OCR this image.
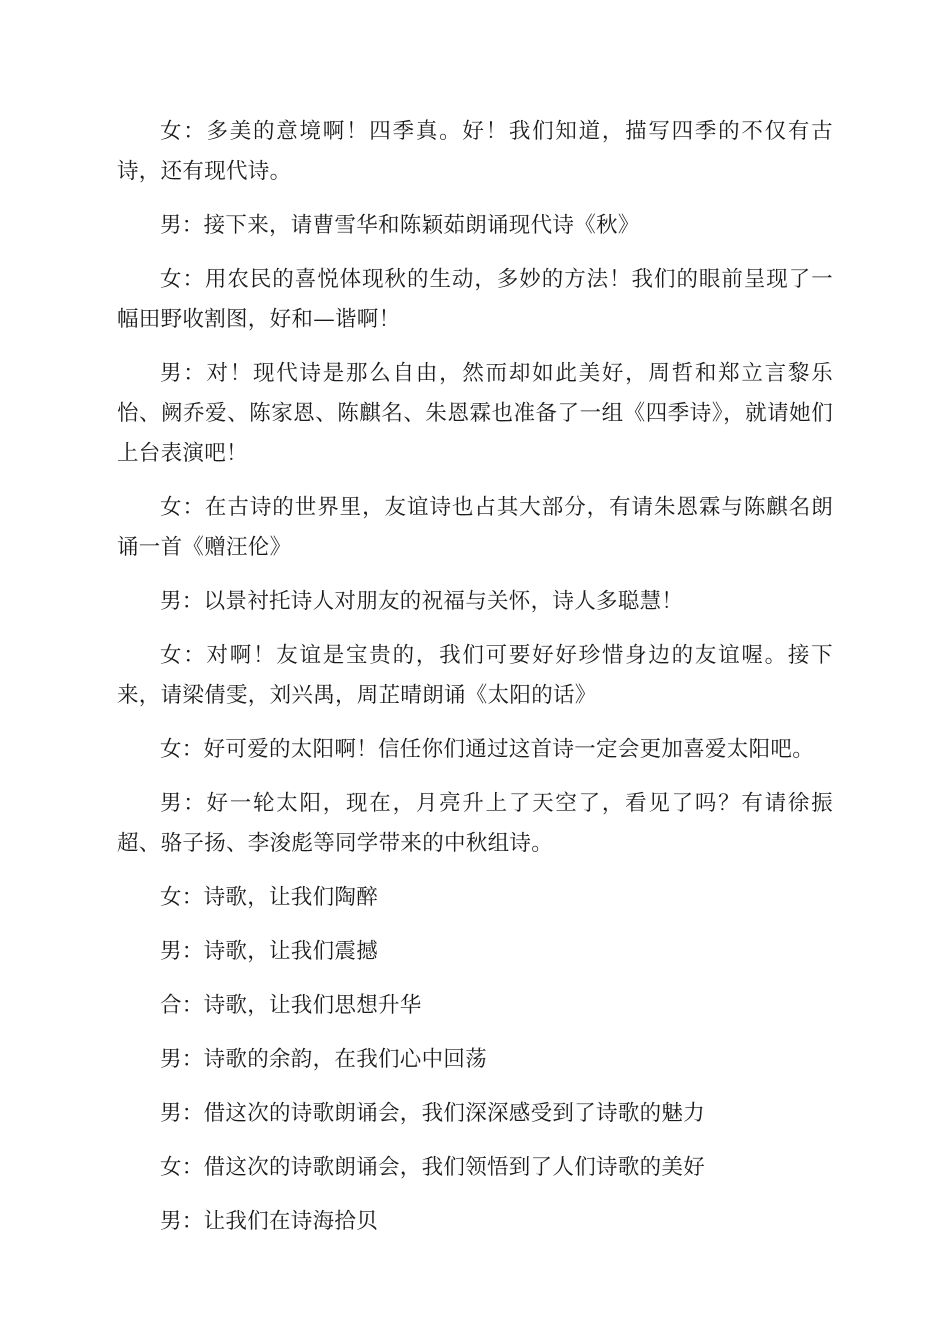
女：多美的意境啊！四季真。好！我们知道，描写四季的不仅有古诗，还有现代诗。

男：接下来，请曹雪华和陈颖茹朗诵现代诗《秋》

女：用农民的喜悦体现秋的生动，多妙的方法！我们的眼前呈现了一幅田野收割图，好和—谐啊！

男：对！现代诗是那么自由，然而却如此美好，周哲和郑立言黎乐怡、阙乔爱、陈家恩、陈麒名、朱恩霖也准备了一组《四季诗》，就请她们上台表演吧！

女：在古诗的世界里，友谊诗也占其大部分，有请朱恩霖与陈麒名朗诵一首《赠汪伦》

男：以景衬托诗人对朋友的祝福与关怀，诗人多聪慧！

女：对啊！友谊是宝贵的，我们可要好好珍惜身边的友谊喔。接下来，请梁倩雯，刘兴禺，周芷晴朗诵《太阳的话》

女：好可爱的太阳啊！信任你们通过这首诗一定会更加喜爱太阳吧。

男：好一轮太阳，现在，月亮升上了天空了，看见了吗？有请徐振超、骆子扬、李浚彪等同学带来的中秋组诗。

女：诗歌，让我们陶醉

男：诗歌，让我们震撼

合：诗歌，让我们思想升华

男：诗歌的余韵，在我们心中回荡

男：借这次的诗歌朗诵会，我们深深感受到了诗歌的魅力

女：借这次的诗歌朗诵会，我们领悟到了人们诗歌的美好

男：让我们在诗海拾贝
